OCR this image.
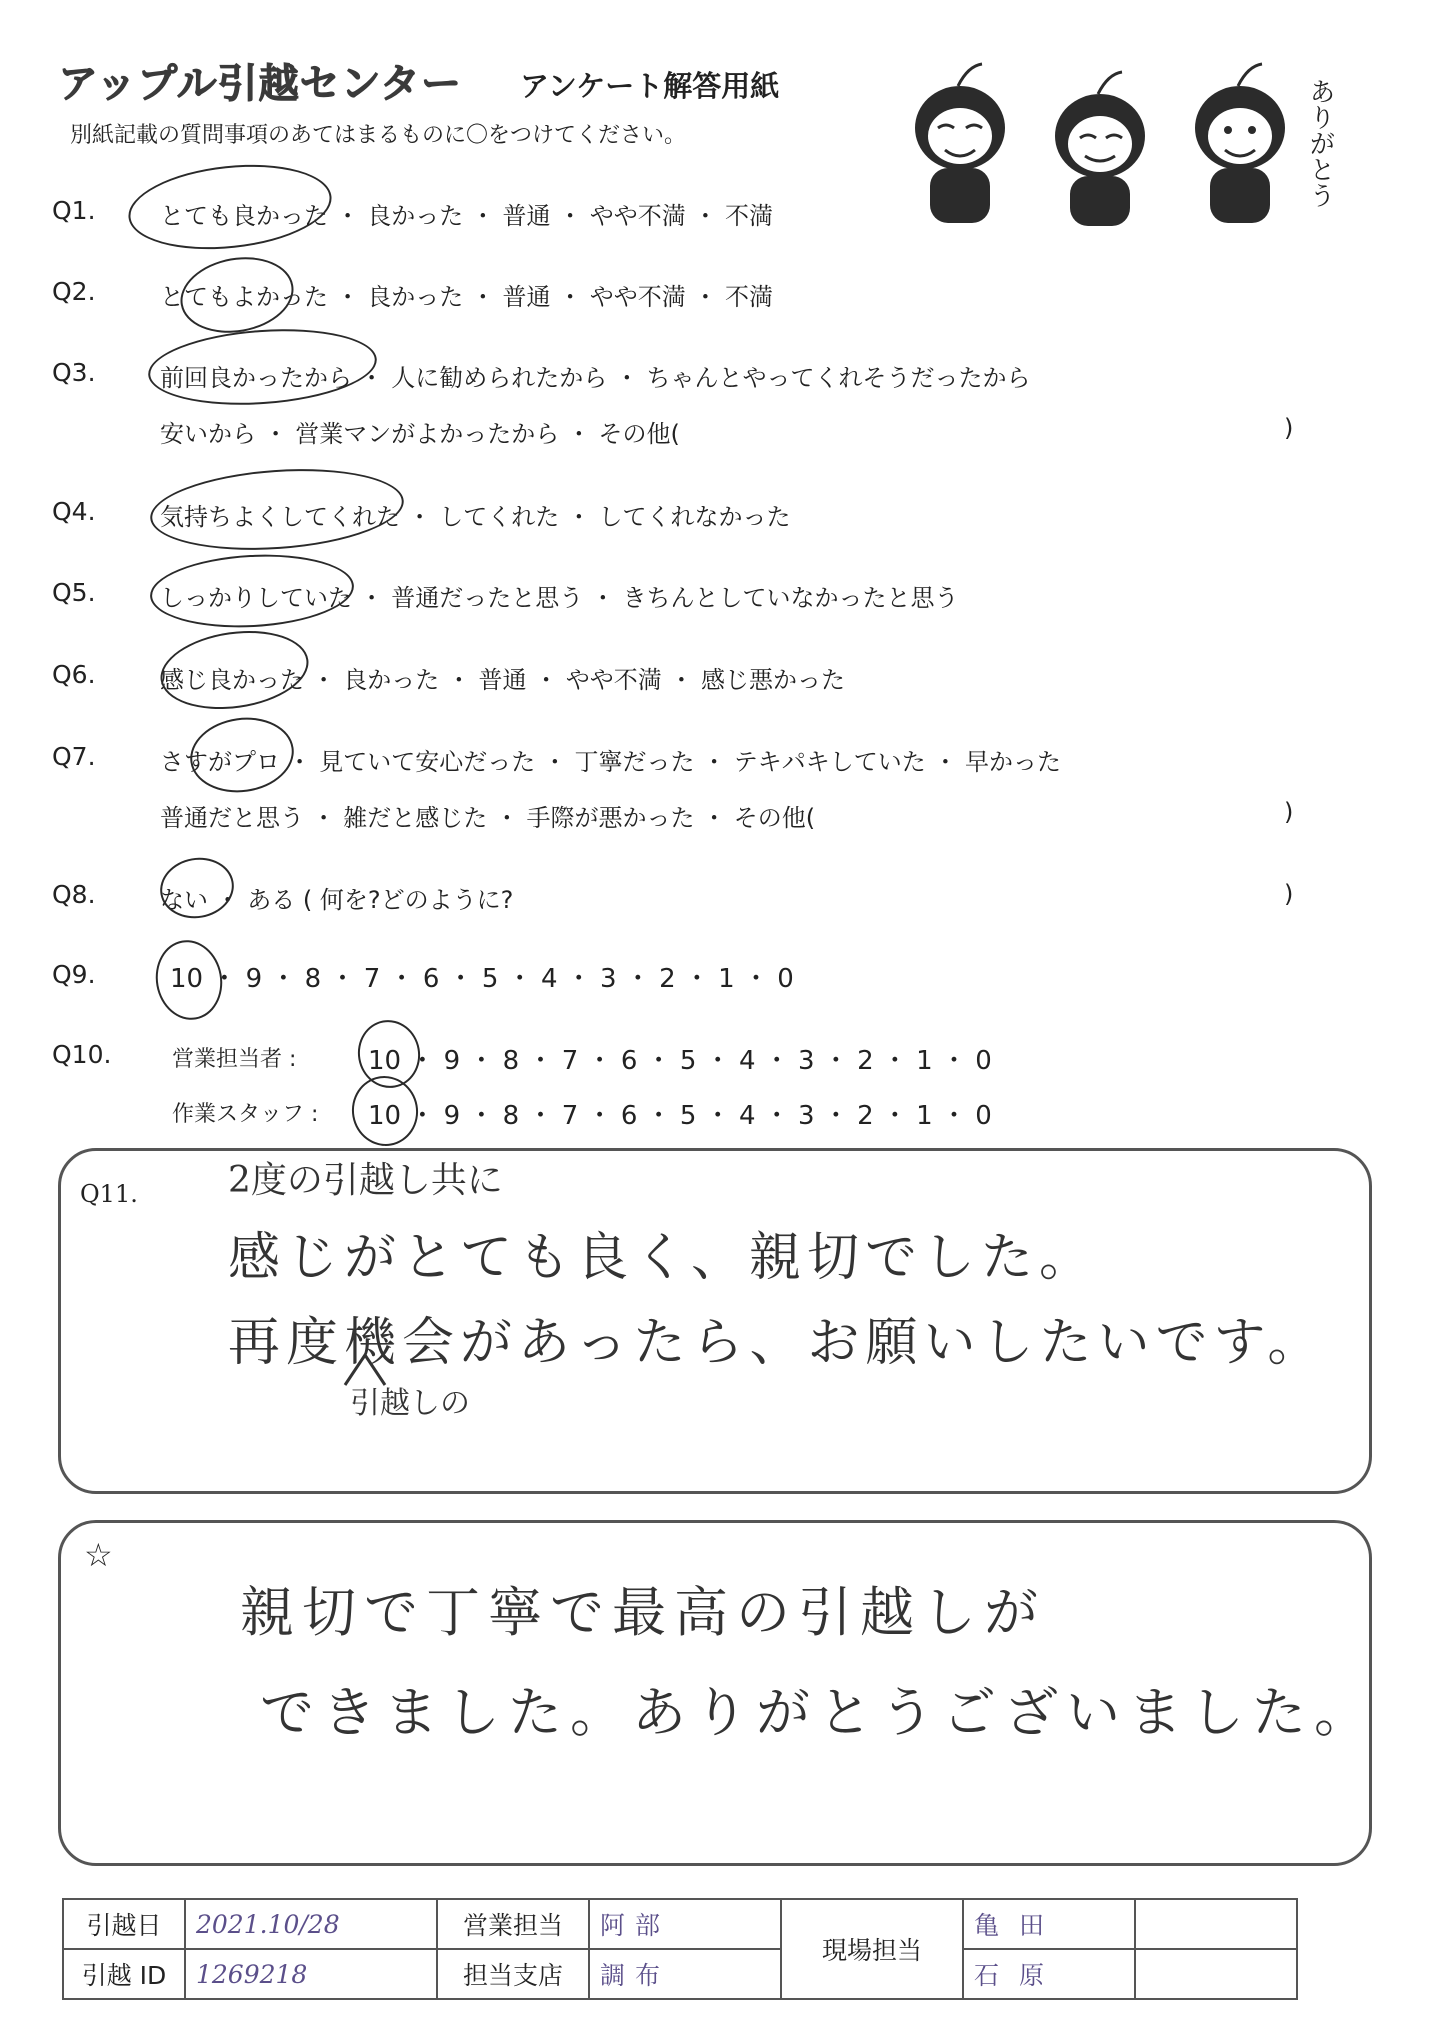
アップル引越センター アンケート解答用紙
別紙記載の質問事項のあてはまるものに〇をつけてください。	ありがとう
Q1.	とても良かった ・ 良かった ・ 普通 ・ やや不満 ・ 不満
Q2.	とてもよかった ・ 良かった ・ 普通 ・ やや不満 ・ 不満
Q3.	前回良かったから ・ 人に勧められたから ・ ちゃんとやってくれそうだったから
安いから ・ 営業マンがよかったから ・ その他(	)
Q4.	気持ちよくしてくれた ・ してくれた ・ してくれなかった
Q5.	しっかりしていた ・ 普通だったと思う ・ きちんとしていなかったと思う
Q6.	感じ良かった ・ 良かった ・ 普通 ・ やや不満 ・ 感じ悪かった
Q7.	さすがプロ ・ 見ていて安心だった ・ 丁寧だった ・ テキパキしていた ・ 早かった
普通だと思う ・ 雑だと感じた ・ 手際が悪かった ・ その他(	)
Q8.	ない ・ ある ( 何を?どのように?	)
Q9.	10 ・ 9 ・ 8 ・ 7 ・ 6 ・ 5 ・ 4 ・ 3 ・ 2 ・ 1 ・ 0
Q10.	営業担当者 :	10 ・ 9 ・ 8 ・ 7 ・ 6 ・ 5 ・ 4 ・ 3 ・ 2 ・ 1 ・ 0
作業スタッフ : 10 ・ 9 ・ 8 ・ 7 ・ 6 ・ 5 ・ 4 ・ 3 ・ 2 ・ 1 ・ 0
Q11.	2度の引越し共に
感じがとても良く、親切でした。
再度機会があったら、お願いしたいです。
引越しの
☆
親切で丁寧で最高の引越しが
できました。ありがとうございました。
引越日	2021.10/28	営業担当	阿部	現場担当	亀田	
引越 ID	1269218	担当支店	調布		石原	
